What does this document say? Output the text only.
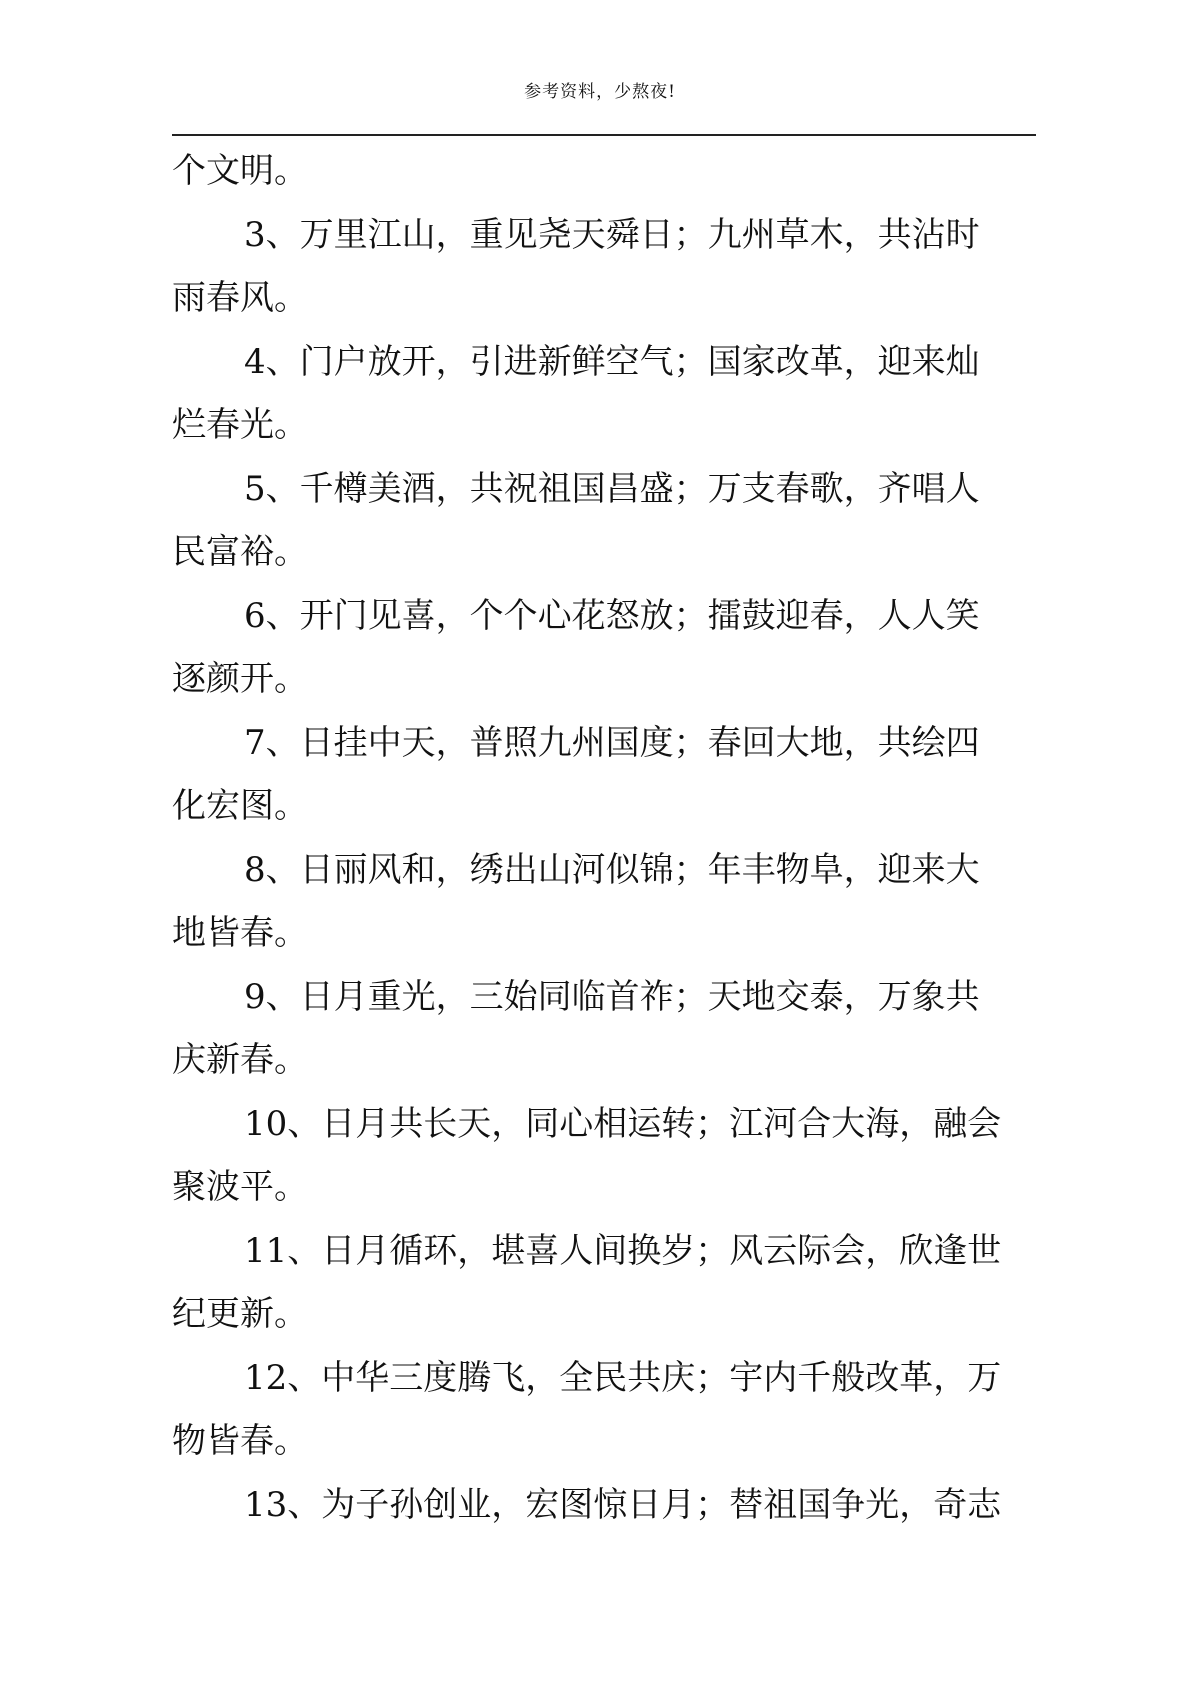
参考资料，少熬夜!

个文明。

3、万里江山，重见尧天舜日；九州草木，共沾时

雨春风。

4、门户放开，引进新鲜空气；国家改革，迎来灿

烂春光。

5、千樽美酒，共祝祖国昌盛；万支春歌，齐唱人

民富裕。

6、开门见喜，个个心花怒放；擂鼓迎春，人人笑

逐颜开。

7、日挂中天，普照九州国度；春回大地，共绘四

化宏图。

8、日丽风和，绣出山河似锦；年丰物阜，迎来大

地皆春。

9、日月重光，三始同临首祚；天地交泰，万象共

庆新春。

10、日月共长天，同心相运转；江河合大海，融会

聚波平。

11、日月循环，堪喜人间换岁；风云际会，欣逢世

纪更新。

12、中华三度腾飞，全民共庆；宇内千般改革，万

物皆春。

13、为子孙创业，宏图惊日月；替祖国争光，奇志
